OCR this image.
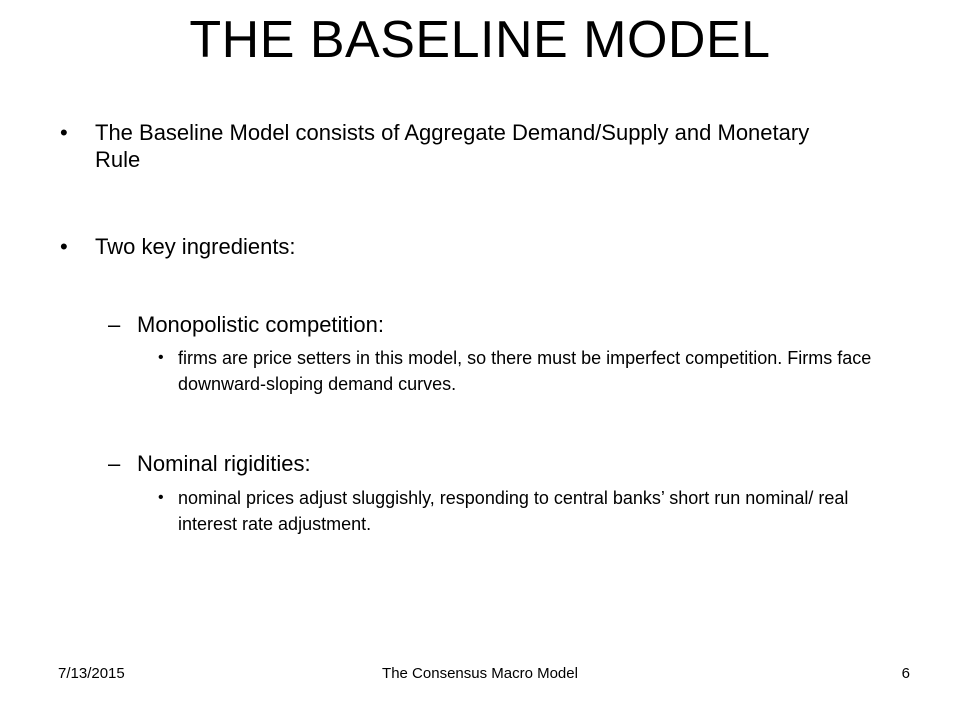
THE BASELINE MODEL
• The Baseline Model consists of Aggregate Demand/Supply and Monetary Rule
• Two key ingredients:
– Monopolistic competition:
• firms are price setters in this model, so there must be imperfect competition. Firms face downward-sloping demand curves.
– Nominal rigidities:
• nominal prices adjust sluggishly, responding to central banks’ short run nominal/ real interest rate adjustment.
The Consensus Macro Model
7/13/2015	6
